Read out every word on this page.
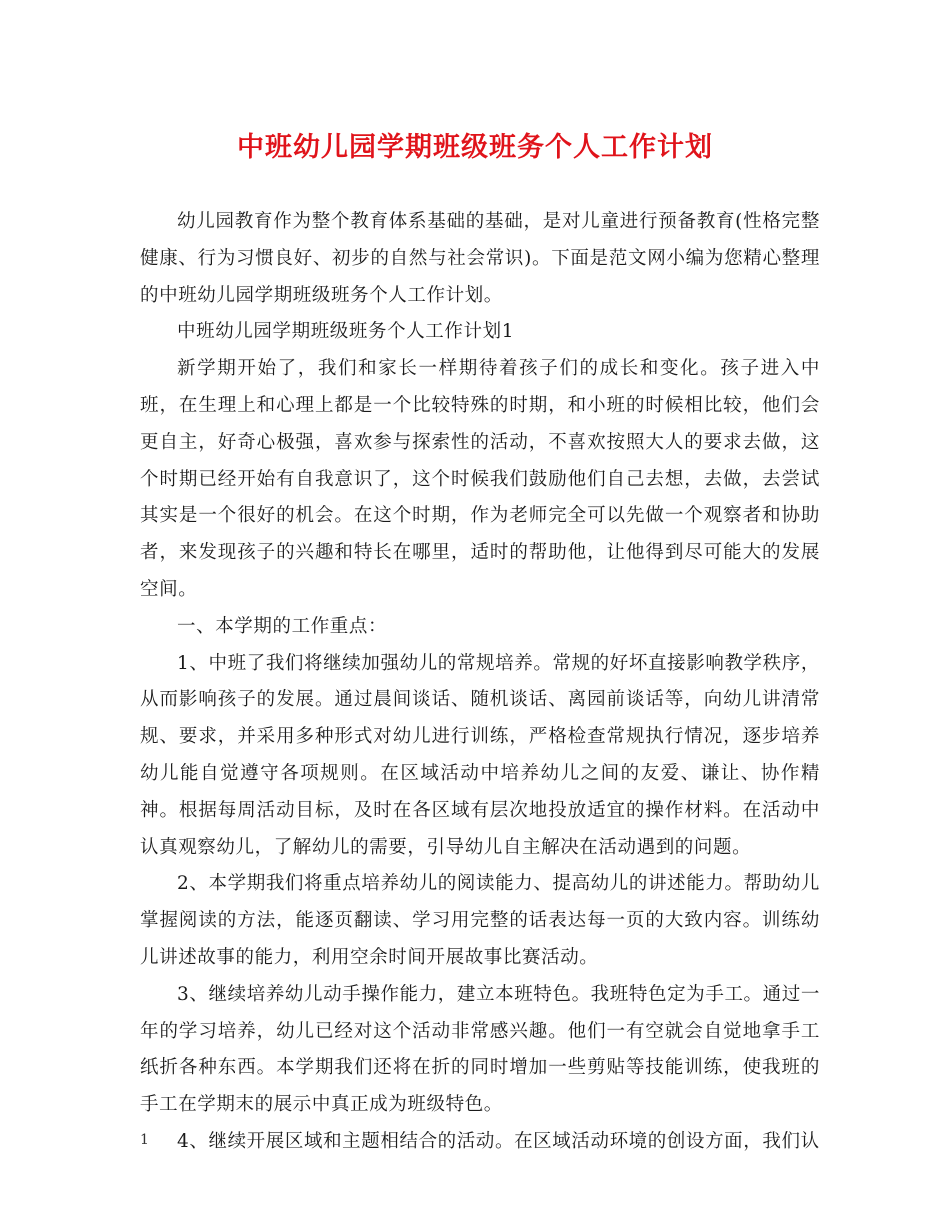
中班幼儿园学期班级班务个人工作计划

幼儿园教育作为整个教育体系基础的基础，是对儿童进行预备教育(性格完整健康、行为习惯良好、初步的自然与社会常识)。下面是范文网小编为您精心整理的中班幼儿园学期班级班务个人工作计划。

中班幼儿园学期班级班务个人工作计划1

新学期开始了，我们和家长一样期待着孩子们的成长和变化。孩子进入中班，在生理上和心理上都是一个比较特殊的时期，和小班的时候相比较，他们会更自主，好奇心极强，喜欢参与探索性的活动，不喜欢按照大人的要求去做，这个时期已经开始有自我意识了，这个时候我们鼓励他们自己去想，去做，去尝试其实是一个很好的机会。在这个时期，作为老师完全可以先做一个观察者和协助者，来发现孩子的兴趣和特长在哪里，适时的帮助他，让他得到尽可能大的发展空间。

一、本学期的工作重点：

1、中班了我们将继续加强幼儿的常规培养。常规的好坏直接影响教学秩序，从而影响孩子的发展。通过晨间谈话、随机谈话、离园前谈话等，向幼儿讲清常规、要求，并采用多种形式对幼儿进行训练，严格检查常规执行情况，逐步培养幼儿能自觉遵守各项规则。在区域活动中培养幼儿之间的友爱、谦让、协作精神。根据每周活动目标，及时在各区域有层次地投放适宜的操作材料。在活动中认真观察幼儿，了解幼儿的需要，引导幼儿自主解决在活动遇到的问题。

2、本学期我们将重点培养幼儿的阅读能力、提高幼儿的讲述能力。帮助幼儿掌握阅读的方法，能逐页翻读、学习用完整的话表达每一页的大致内容。训练幼儿讲述故事的能力，利用空余时间开展故事比赛活动。

3、继续培养幼儿动手操作能力，建立本班特色。我班特色定为手工。通过一年的学习培养，幼儿已经对这个活动非常感兴趣。他们一有空就会自觉地拿手工纸折各种东西。本学期我们还将在折的同时增加一些剪贴等技能训练，使我班的手工在学期末的展示中真正成为班级特色。

4、继续开展区域和主题相结合的活动。在区域活动环境的创设方面，我们认

1
